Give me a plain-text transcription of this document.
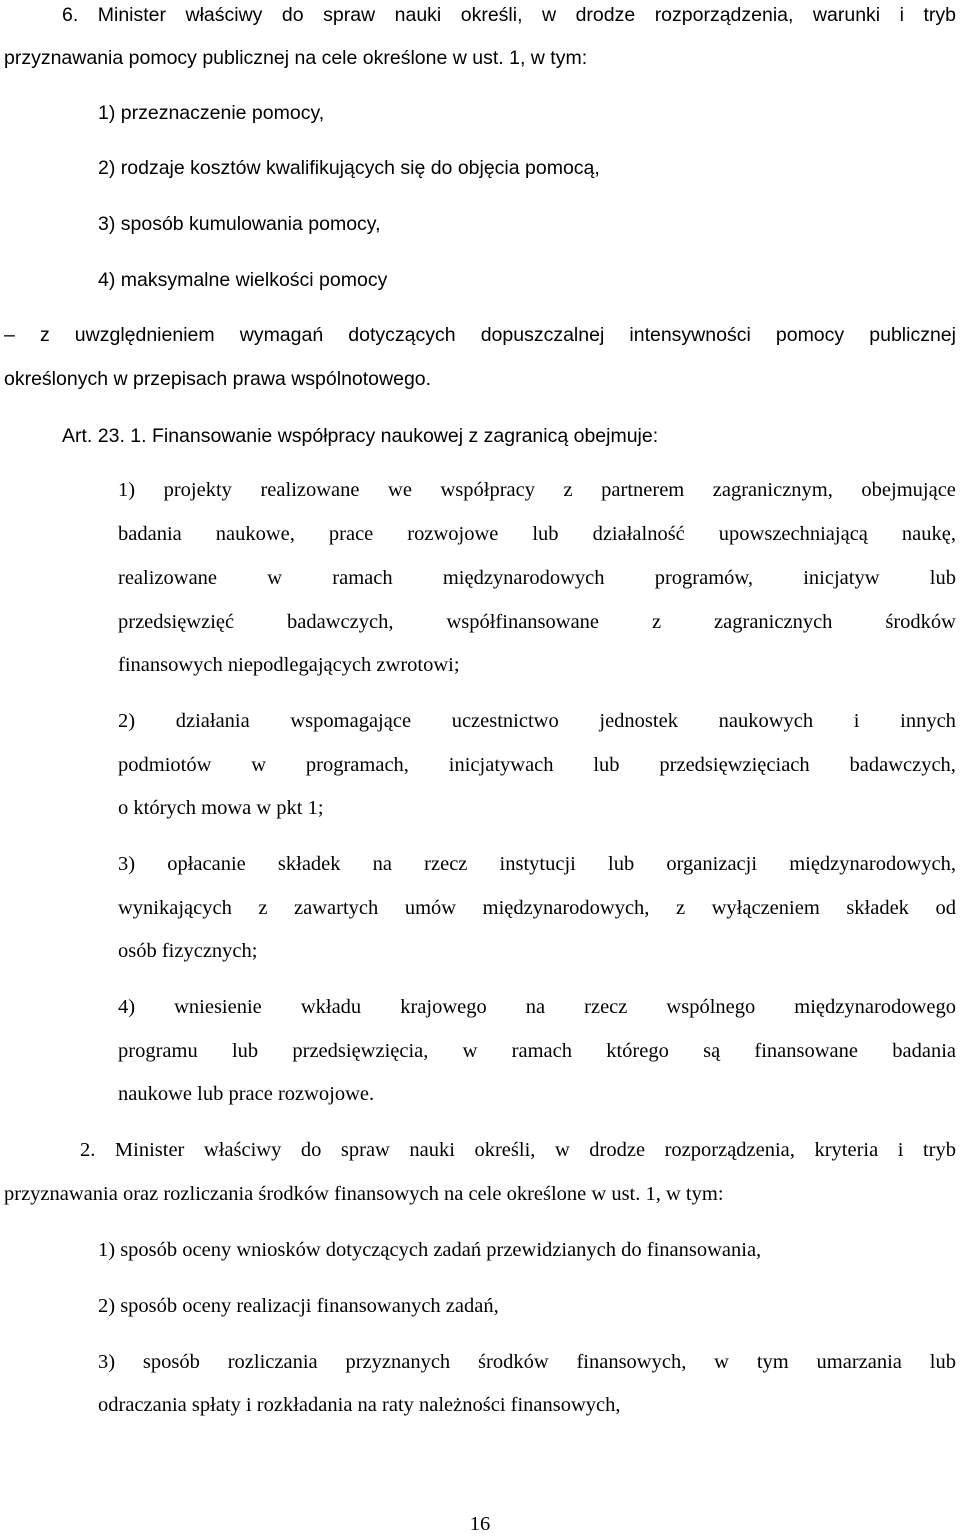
6. Minister właściwy do spraw nauki określi, w drodze rozporządzenia, warunki i tryb

przyznawania pomocy publicznej na cele określone w ust. 1, w tym:

1) przeznaczenie pomocy,

2) rodzaje kosztów kwalifikujących się do objęcia pomocą,

3) sposób kumulowania pomocy,

4) maksymalne wielkości pomocy

– z uwzględnieniem wymagań dotyczących dopuszczalnej intensywności pomocy publicznej

określonych w przepisach prawa wspólnotowego.

Art. 23. 1. Finansowanie współpracy naukowej z zagranicą obejmuje:

1) projekty realizowane we współpracy z partnerem zagranicznym, obejmujące

badania naukowe, prace rozwojowe lub działalność upowszechniającą naukę,

realizowane w ramach międzynarodowych programów, inicjatyw lub

przedsięwzięć	badawczych,	współfinansowane	z	zagranicznych	środków

finansowych niepodlegających zwrotowi;

2) działania wspomagające uczestnictwo jednostek naukowych i innych

podmiotów w programach, inicjatywach lub przedsięwzięciach badawczych,

o których mowa w pkt 1;

3) opłacanie składek na rzecz instytucji lub organizacji międzynarodowych,

wynikających z zawartych umów międzynarodowych, z wyłączeniem składek od

osób fizycznych;

4) wniesienie wkładu krajowego na rzecz wspólnego międzynarodowego

programu lub przedsięwzięcia, w ramach którego są finansowane badania

naukowe lub prace rozwojowe.

2. Minister właściwy do spraw nauki określi, w drodze rozporządzenia, kryteria i tryb

przyznawania oraz rozliczania środków finansowych na cele określone w ust. 1, w tym:

1) sposób oceny wniosków dotyczących zadań przewidzianych do finansowania,

2) sposób oceny realizacji finansowanych zadań,

3) sposób rozliczania przyznanych środków finansowych, w tym umarzania lub

odraczania spłaty i rozkładania na raty należności finansowych,

16
